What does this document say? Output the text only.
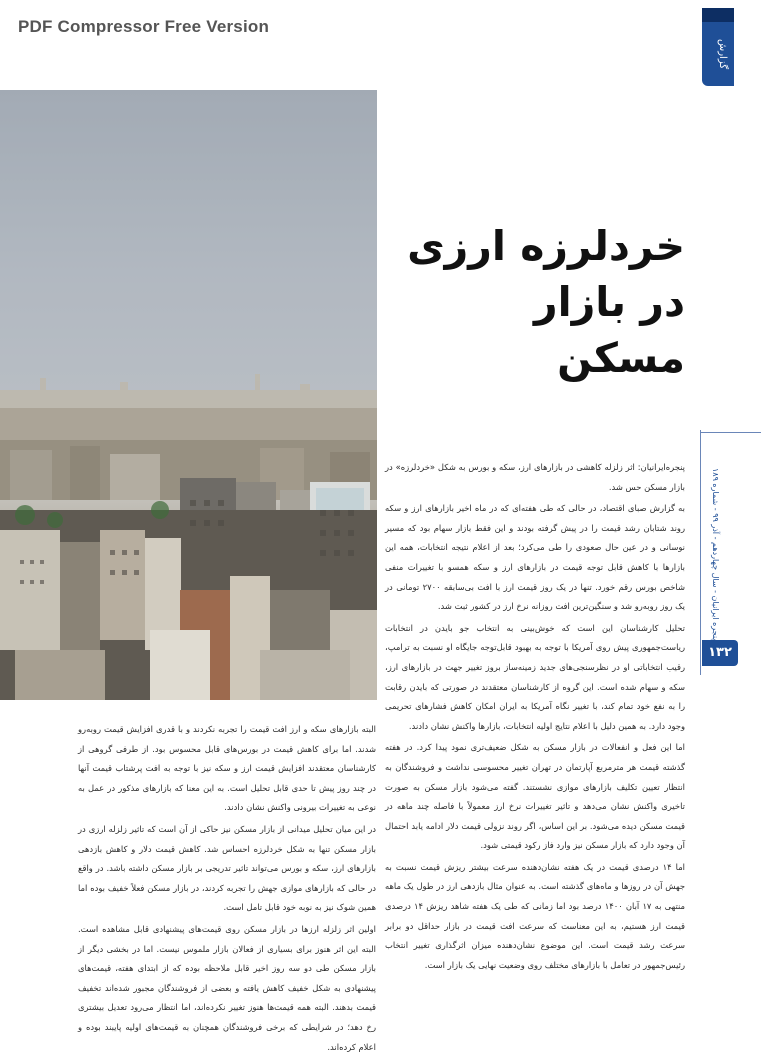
PDF Compressor Free Version
گزارش
خردلرزه ارزی
در بازار مسکن
پنجره ایرانیان - سال چهاردهم - آذر ۹۹ - شماره ۱۸۹
۱۳۲

پنجره‌ایرانیان: اثر زلزله کاهشی در بازارهای ارز، سکه و بورس به شکل «خردلرزه» در بازار مسکن حس شد.

به گزارش صبای اقتصاد، در حالی که طی هفته‌ای که در ماه اخیر بازارهای ارز و سکه روند شتابان رشد قیمت را در پیش گرفته بودند و این فقط بازار سهام بود که مسیر نوسانی و در عین حال صعودی را طی می‌کرد؛ بعد از اعلام نتیجه انتخابات، همه این بازارها با کاهش قابل توجه قیمت در بازارهای ارز و سکه همسو با تغییرات منفی شاخص بورس رقم خورد. تنها در یک روز قیمت ارز با افت بی‌سابقه ۲۷۰۰ تومانی در یک روز روبه‌رو شد و سنگین‌ترین افت روزانه نرخ ارز در کشور ثبت شد.

تحلیل کارشناسان این است که خوش‌بینی به انتخاب جو بایدن در انتخابات ریاست‌جمهوری پیش روی آمریکا با توجه به بهبود قابل‌توجه جایگاه او نسبت به ترامپ، رقیب انتخاباتی او در نظرسنجی‌های جدید زمینه‌ساز بروز تغییر جهت در بازارهای ارز، سکه و سهام شده است. این گروه از کارشناسان معتقدند در صورتی که بایدن رقابت را به نفع خود تمام کند، با تغییر نگاه آمریکا به ایران امکان کاهش فشارهای تحریمی وجود دارد. به همین دلیل با اعلام نتایج اولیه انتخابات، بازارها واکنش نشان دادند.

اما این فعل و انفعالات در بازار مسکن به شکل ضعیف‌تری نمود پیدا کرد. در هفته گذشته قیمت هر مترمربع آپارتمان در تهران تغییر محسوسی نداشت و فروشندگان به انتظار تعیین تکلیف بازارهای موازی نشستند. گفته می‌شود بازار مسکن به صورت تاخیری واکنش نشان می‌دهد و تاثیر تغییرات نرخ ارز معمولاً با فاصله چند ماهه در قیمت مسکن دیده می‌شود. بر این اساس، اگر روند نزولی قیمت دلار ادامه یابد احتمال آن وجود دارد که بازار مسکن نیز وارد فاز رکود قیمتی شود.

اما ۱۴ درصدی قیمت در یک هفته نشان‌دهنده سرعت بیشتر ریزش قیمت نسبت به جهش آن در روزها و ماه‌های گذشته است. به عنوان مثال بازدهی ارز در طول یک ماهه منتهی به ۱۷ آبان ۱۴۰۰ درصد بود اما زمانی که طی یک هفته شاهد ریزش ۱۴ درصدی قیمت ارز هستیم، به این معناست که سرعت افت قیمت در بازار حداقل دو برابر سرعت رشد قیمت است. این موضوع نشان‌دهنده میزان اثرگذاری تغییر انتخاب رئیس‌جمهور در تعامل با بازارهای مختلف روی وضعیت نهایی یک بازار است.

البته بازارهای سکه و ارز افت قیمت را تجربه نکردند و با قدری افزایش قیمت روبه‌رو شدند. اما برای کاهش قیمت در بورس‌های قابل محسوس بود. از طرفی گروهی از کارشناسان معتقدند افزایش قیمت ارز و سکه نیز با توجه به افت پرشتاب قیمت آنها در چند روز پیش تا حدی قابل تحلیل است. به این معنا که بازارهای مذکور در عمل به نوعی به تغییرات بیرونی واکنش نشان دادند.

در این میان تحلیل میدانی از بازار مسکن نیز حاکی از آن است که تاثیر زلزله ارزی در بازار مسکن تنها به شکل خردلرزه احساس شد. کاهش قیمت دلار و کاهش بازدهی بازارهای ارز، سکه و بورس می‌تواند تاثیر تدریجی بر بازار مسکن داشته باشد. در واقع در حالی که بازارهای موازی جهش را تجربه کردند، در بازار مسکن فعلاً خفیف بوده اما همین شوک نیز به نوبه خود قابل تامل است.

اولین اثر زلزله ارزها در بازار مسکن روی قیمت‌های پیشنهادی قابل مشاهده است. البته این اثر هنوز برای بسیاری از فعالان بازار ملموس نیست. اما در بخشی دیگر از بازار مسکن طی دو سه روز اخیر قابل ملاحظه بوده که از ابتدای هفته، قیمت‌های پیشنهادی به شکل خفیف کاهش یافته و بعضی از فروشندگان مجبور شده‌اند تخفیف قیمت بدهند. البته همه قیمت‌ها هنوز تغییر نکرده‌اند، اما انتظار می‌رود تعدیل بیشتری رخ دهد؛ در شرایطی که برخی فروشندگان همچنان به قیمت‌های اولیه پایبند بوده و اعلام کرده‌اند.
